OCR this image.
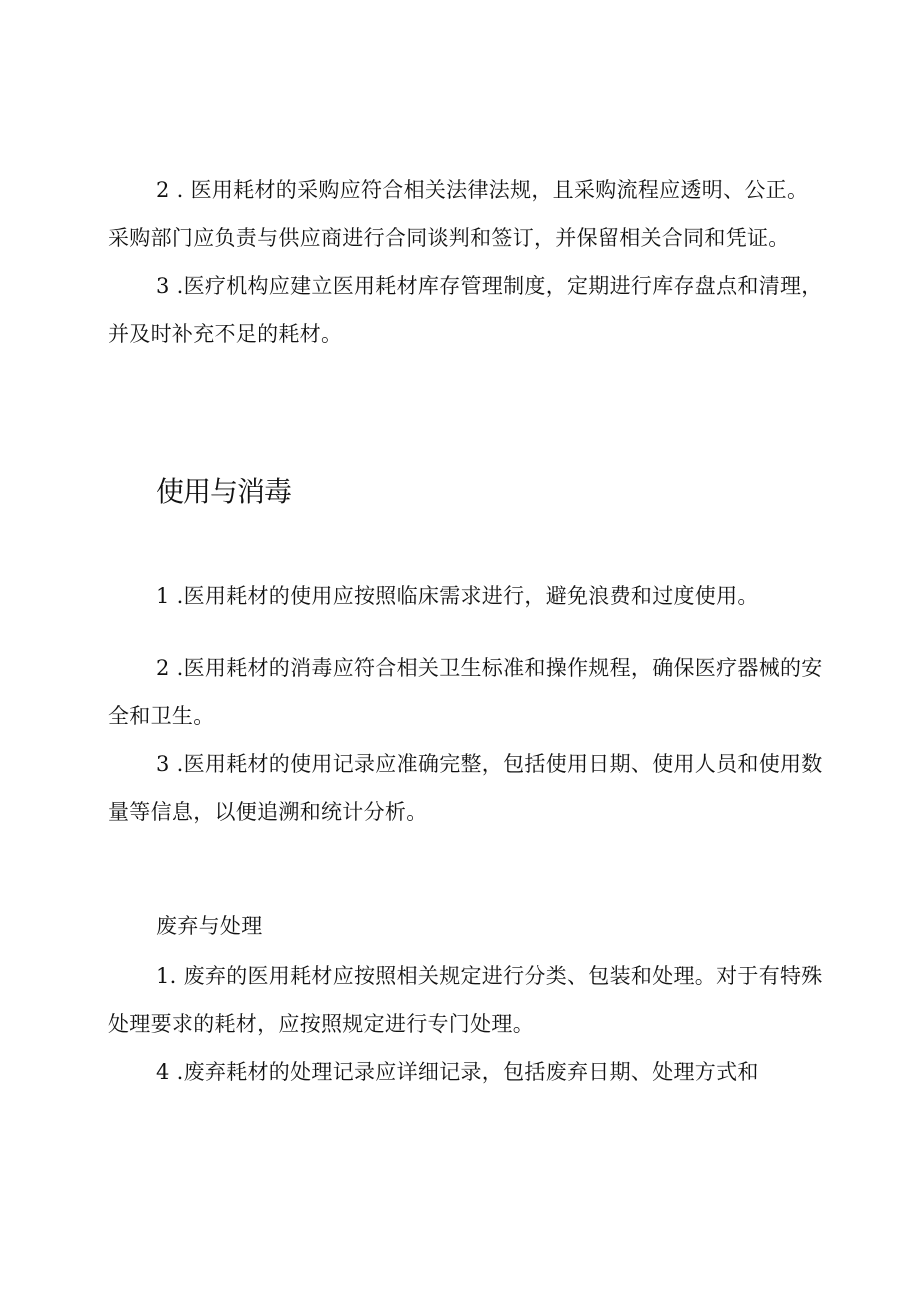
2 . 医用耗材的采购应符合相关法律法规，且采购流程应透明、公正。采购部门应负责与供应商进行合同谈判和签订，并保留相关合同和凭证。

3 .医疗机构应建立医用耗材库存管理制度，定期进行库存盘点和清理，并及时补充不足的耗材。

使用与消毒

1 .医用耗材的使用应按照临床需求进行，避免浪费和过度使用。

2 .医用耗材的消毒应符合相关卫生标准和操作规程，确保医疗器械的安全和卫生。

3 .医用耗材的使用记录应准确完整，包括使用日期、使用人员和使用数量等信息，以便追溯和统计分析。

废弃与处理

1. 废弃的医用耗材应按照相关规定进行分类、包装和处理。对于有特殊处理要求的耗材，应按照规定进行专门处理。

4 .废弃耗材的处理记录应详细记录，包括废弃日期、处理方式和
